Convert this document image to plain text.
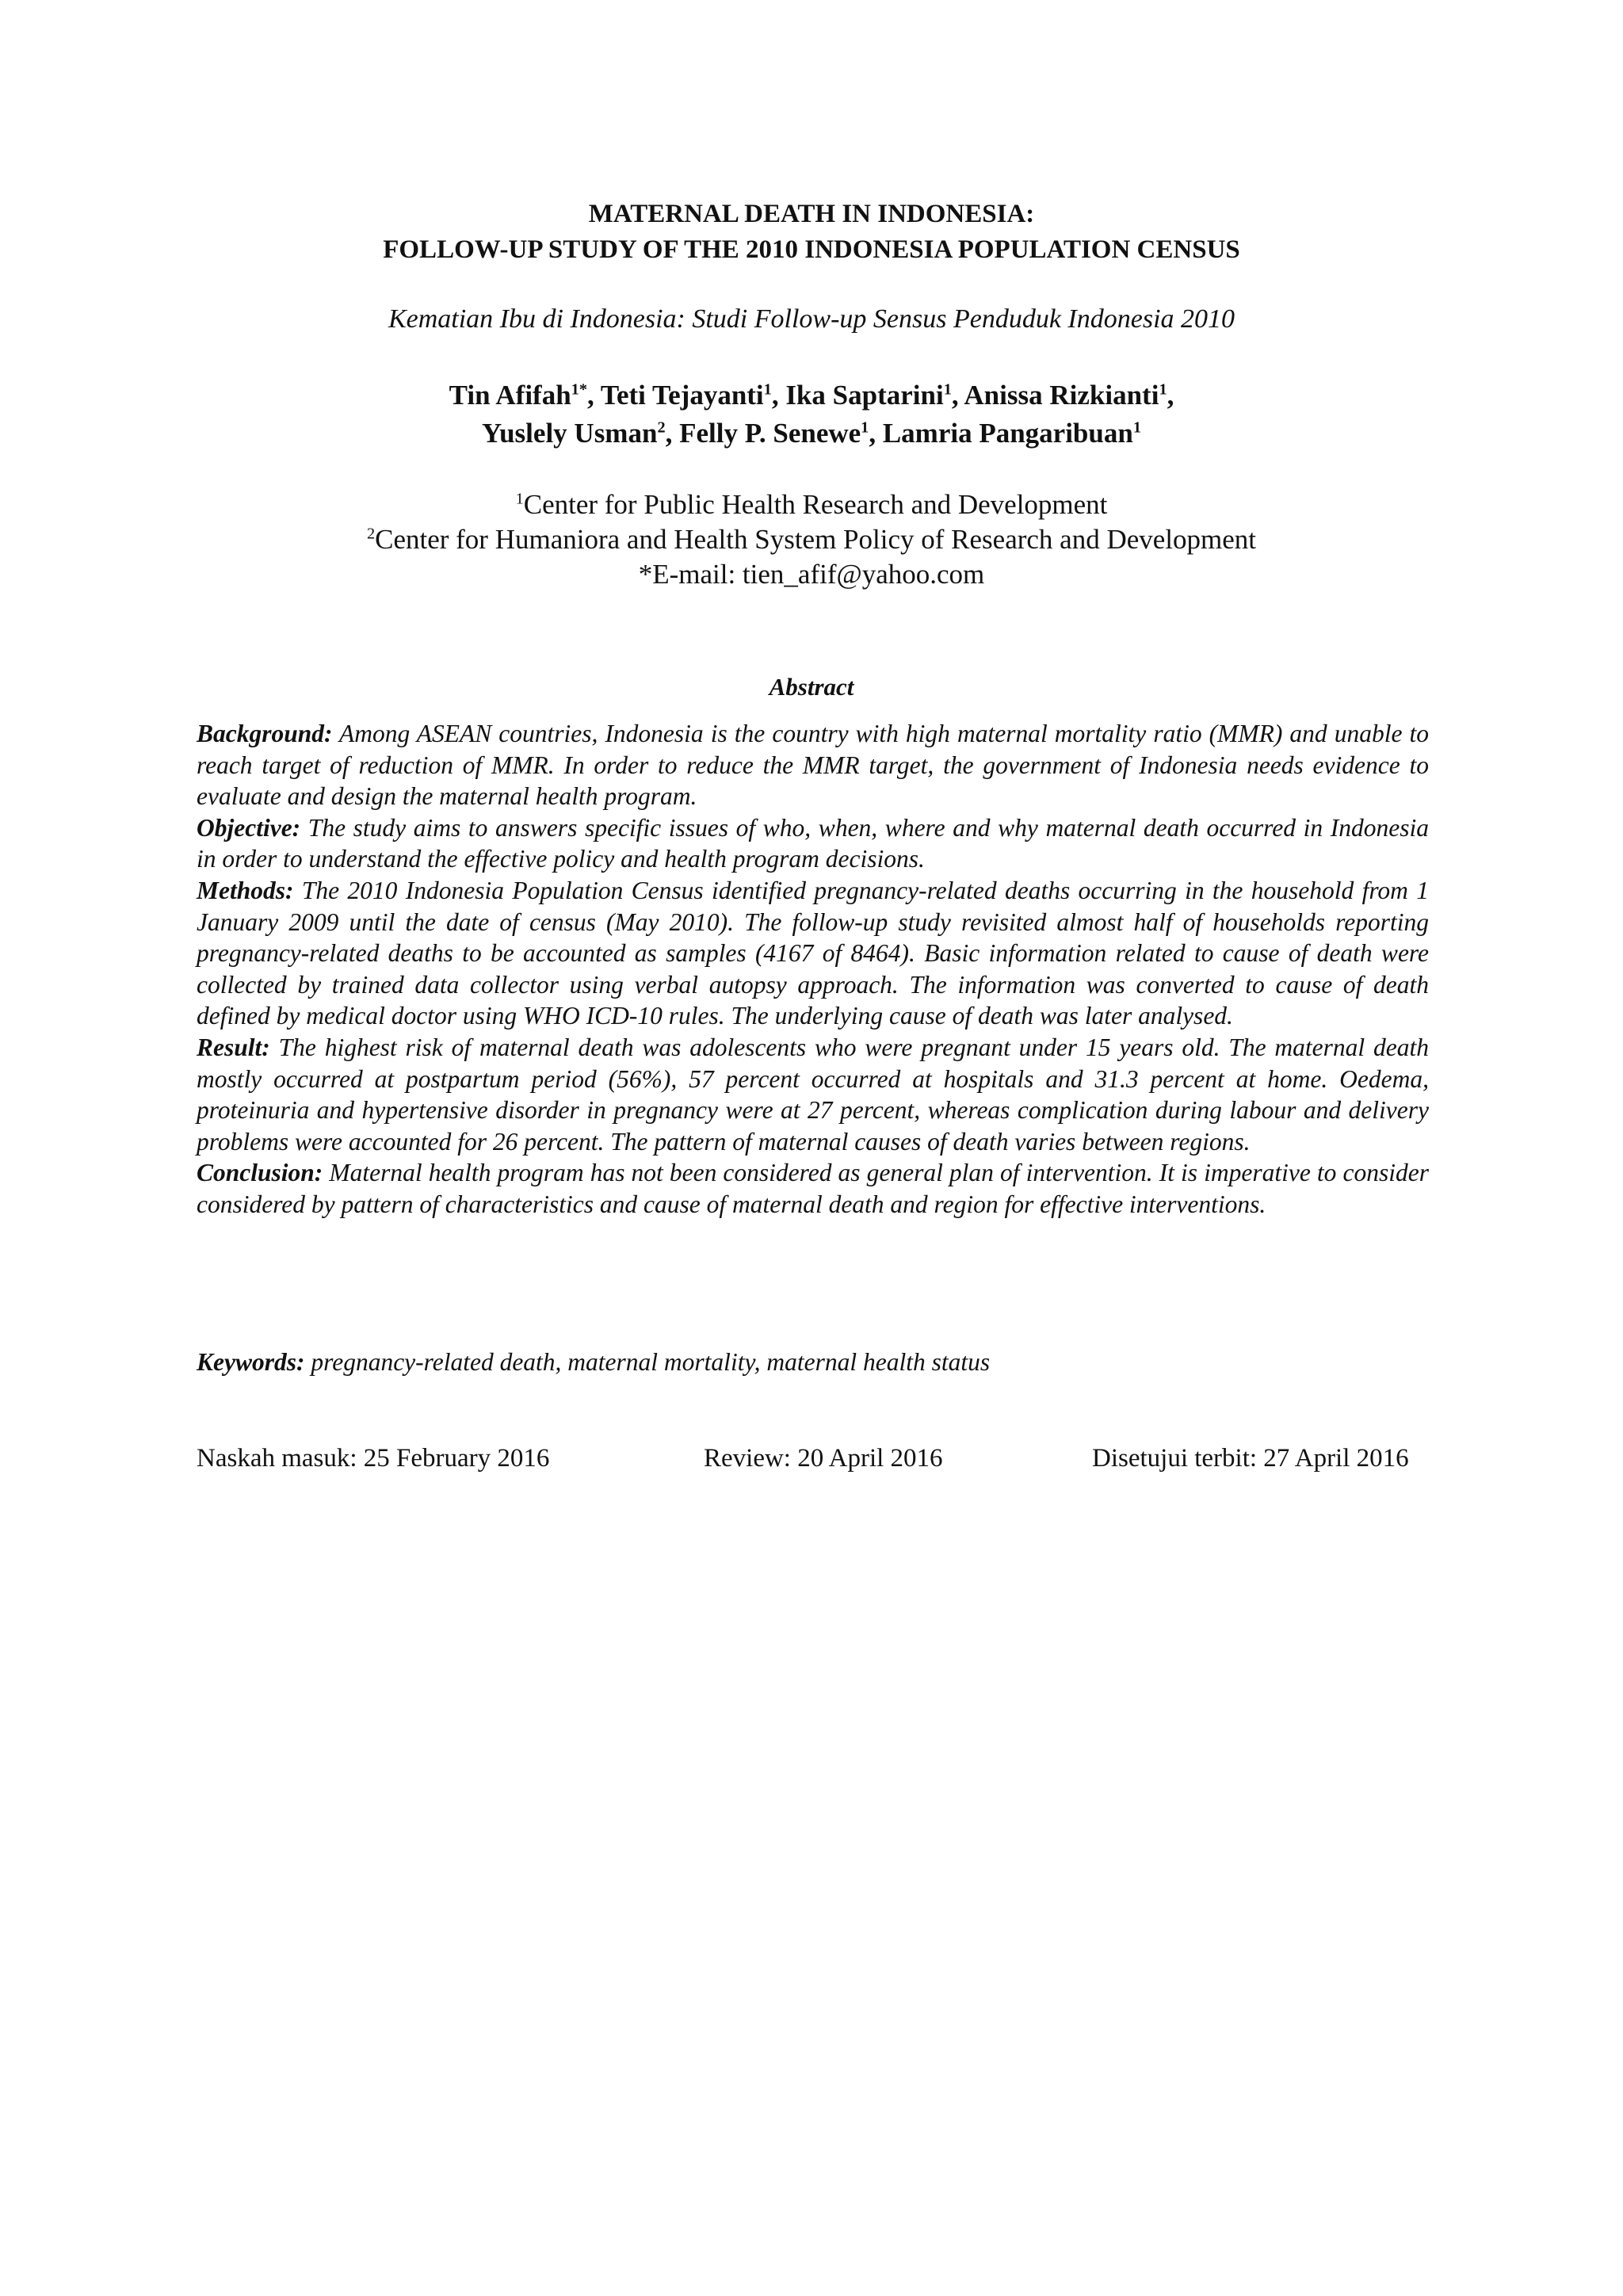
MATERNAL DEATH IN INDONESIA:
FOLLOW-UP STUDY OF THE 2010 INDONESIA POPULATION CENSUS
Kematian Ibu di Indonesia: Studi Follow-up Sensus Penduduk Indonesia 2010
Tin Afifah$^{1*}$, Teti Tejayanti$^1$, Ika Saptarini$^1$, Anissa Rizkianti$^1$,
Yuslely Usman$^2$, Felly P. Senewe$^1$, Lamria Pangaribuan$^1$
$^1$Center for Public Health Research and Development
$^2$Center for Humaniora and Health System Policy of Research and Development
*E-mail: tien_afif@yahoo.com
Abstract

Background: Among ASEAN countries, Indonesia is the country with high maternal mortality ratio (MMR) and unable to reach target of reduction of MMR. In order to reduce the MMR target, the government of Indonesia needs evidence to evaluate and design the maternal health program.

Objective: The study aims to answers specific issues of who, when, where and why maternal death occurred in Indonesia in order to understand the effective policy and health program decisions.

Methods: The 2010 Indonesia Population Census identified pregnancy-related deaths occurring in the household from 1 January 2009 until the date of census (May 2010). The follow-up study revisited almost half of households reporting pregnancy-related deaths to be accounted as samples (4167 of 8464). Basic information related to cause of death were collected by trained data collector using verbal autopsy approach. The information was converted to cause of death defined by medical doctor using WHO ICD-10 rules. The underlying cause of death was later analysed.

Result: The highest risk of maternal death was adolescents who were pregnant under 15 years old. The maternal death mostly occurred at postpartum period (56%), 57 percent occurred at hospitals and 31.3 percent at home. Oedema, proteinuria and hypertensive disorder in pregnancy were at 27 percent, whereas complication during labour and delivery problems were accounted for 26 percent. The pattern of maternal causes of death varies between regions.

Conclusion: Maternal health program has not been considered as general plan of intervention. It is imperative to consider considered by pattern of characteristics and cause of maternal death and region for effective interventions.

Keywords: pregnancy-related death, maternal mortality, maternal health status
Naskah masuk: 25 February 2016	Review: 20 April 2016	Disetujui terbit: 27 April 2016
